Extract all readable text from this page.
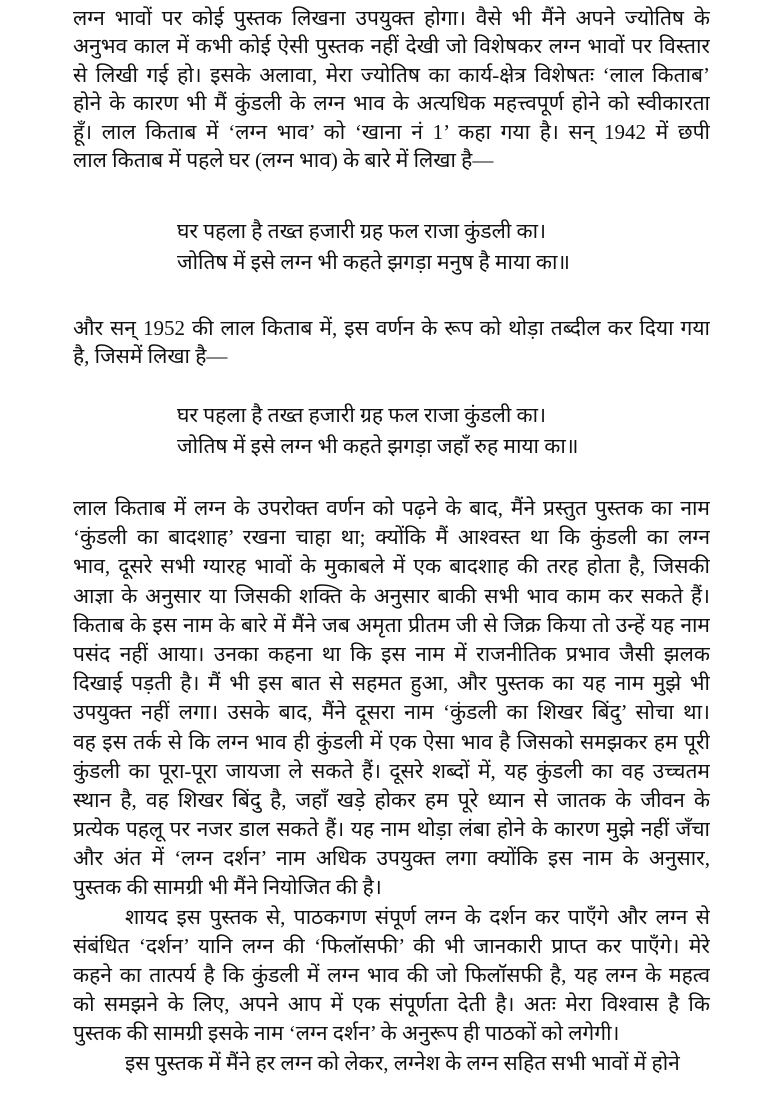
लग्न भावों पर कोई पुस्तक लिखना उपयुक्त होगा। वैसे भी मैंने अपने ज्योतिष के
अनुभव काल में कभी कोई ऐसी पुस्तक नहीं देखी जो विशेषकर लग्न भावों पर विस्तार
से लिखी गई हो। इसके अलावा, मेरा ज्योतिष का कार्य-क्षेत्र विशेषतः ‘लाल किताब’
होने के कारण भी मैं कुंडली के लग्न भाव के अत्यधिक महत्त्वपूर्ण होने को स्वीकारता
हूँ। लाल किताब में ‘लग्न भाव’ को ‘खाना नं 1’ कहा गया है। सन् 1942 में छपी
लाल किताब में पहले घर (लग्न भाव) के बारे में लिखा है—
घर पहला है तख्त हजारी ग्रह फल राजा कुंडली का।
जोतिष में इसे लग्न भी कहते झगड़ा मनुष है माया का॥
और सन् 1952 की लाल किताब में, इस वर्णन के रूप को थोड़ा तब्दील कर दिया गया
है, जिसमें लिखा है—
घर पहला है तख्त हजारी ग्रह फल राजा कुंडली का।
जोतिष में इसे लग्न भी कहते झगड़ा जहाँ रुह माया का॥
लाल किताब में लग्न के उपरोक्त वर्णन को पढ़ने के बाद, मैंने प्रस्तुत पुस्तक का नाम
‘कुंडली का बादशाह’ रखना चाहा था; क्योंकि मैं आश्वस्त था कि कुंडली का लग्न
भाव, दूसरे सभी ग्यारह भावों के मुकाबले में एक बादशाह की तरह होता है, जिसकी
आज्ञा के अनुसार या जिसकी शक्ति के अनुसार बाकी सभी भाव काम कर सकते हैं।
किताब के इस नाम के बारे में मैंने जब अमृता प्रीतम जी से जिक्र किया तो उन्हें यह नाम
पसंद नहीं आया। उनका कहना था कि इस नाम में राजनीतिक प्रभाव जैसी झलक
दिखाई पड़ती है। मैं भी इस बात से सहमत हुआ, और पुस्तक का यह नाम मुझे भी
उपयुक्त नहीं लगा। उसके बाद, मैंने दूसरा नाम ‘कुंडली का शिखर बिंदु’ सोचा था।
वह इस तर्क से कि लग्न भाव ही कुंडली में एक ऐसा भाव है जिसको समझकर हम पूरी
कुंडली का पूरा-पूरा जायजा ले सकते हैं। दूसरे शब्दों में, यह कुंडली का वह उच्चतम
स्थान है, वह शिखर बिंदु है, जहाँ खड़े होकर हम पूरे ध्यान से जातक के जीवन के
प्रत्येक पहलू पर नजर डाल सकते हैं। यह नाम थोड़ा लंबा होने के कारण मुझे नहीं जँचा
और अंत में ‘लग्न दर्शन’ नाम अधिक उपयुक्त लगा क्योंकि इस नाम के अनुसार,
पुस्तक की सामग्री भी मैंने नियोजित की है।
शायद इस पुस्तक से, पाठकगण संपूर्ण लग्न के दर्शन कर पाएँगे और लग्न से
संबंधित ‘दर्शन’ यानि लग्न की ‘फिलॉसफी’ की भी जानकारी प्राप्त कर पाएँगे। मेरे
कहने का तात्पर्य है कि कुंडली में लग्न भाव की जो फिलॉसफी है, यह लग्न के महत्व
को समझने के लिए, अपने आप में एक संपूर्णता देती है। अतः मेरा विश्वास है कि
पुस्तक की सामग्री इसके नाम ‘लग्न दर्शन’ के अनुरूप ही पाठकों को लगेगी।
इस पुस्तक में मैंने हर लग्न को लेकर, लग्नेश के लग्न सहित सभी भावों में होने
